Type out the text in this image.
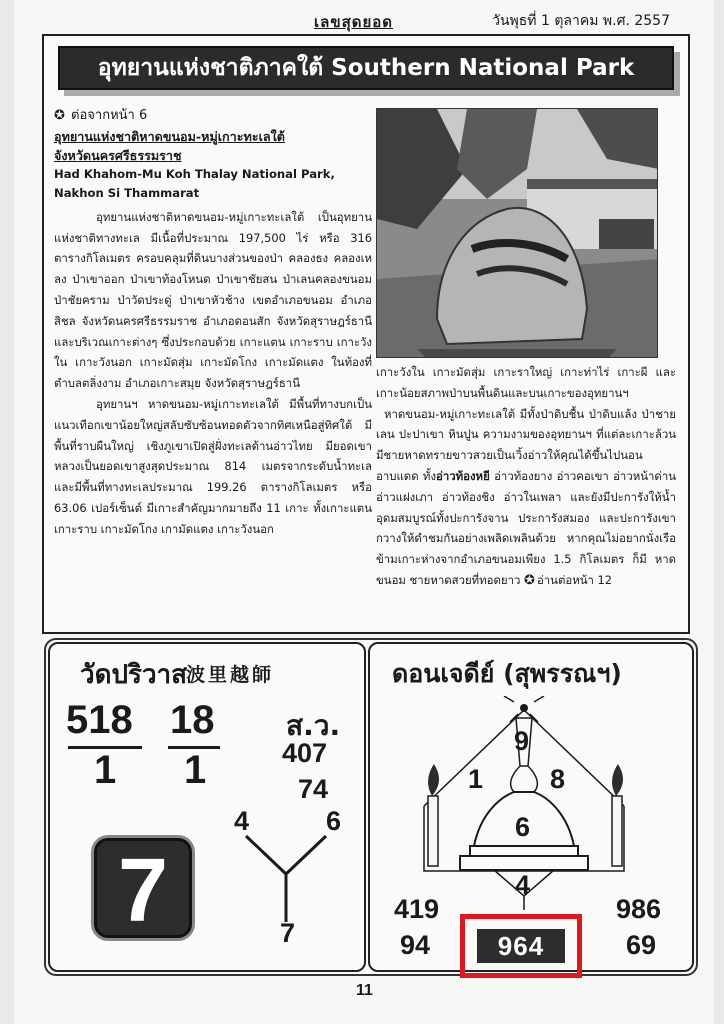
เลขสุดยอด	วันพุธที่ 1 ตุลาคม พ.ศ. 2557
อุทยานแห่งชาติภาคใต้ Southern National Park
✪ ต่อจากหน้า 6
อุทยานแห่งชาติหาดขนอม-หมู่เกาะทะเลใต้
จังหวัดนครศรีธรรมราช
Had Khahom-Mu Koh Thalay National Park,
Nakhon Si Thammarat

อุทยานแห่งชาติหาดขนอม-หมู่เกาะทะเลใต้ เป็นอุทยานแห่งชาติทางทะเล มีเนื้อที่ประมาณ 197,500 ไร่ หรือ 316 ตารางกิโลเมตร ครอบคลุมที่ดินบางส่วนของป่า คลองธง คลองเหลง ป่าเขาออก ป่าเขาท้องโหนด ป่าเขาชัยสน ป่าเลนคลองขนอม ป่าชัยคราม ป่าวัดประดู่ ป่าเขาหัวช้าง เขตอำเภอขนอม อำเภอสิชล จังหวัดนครศรีธรรมราช อำเภอดอนสัก จังหวัดสุราษฎร์ธานี และบริเวณเกาะต่างๆ ซึ่งประกอบด้วย เกาะแตน เกาะราบ เกาะวังใน เกาะวังนอก เกาะมัดสุ่ม เกาะมัดโกง เกาะมัดแตง ในท้องที่ตำบลตลิ่งงาม อำเภอเกาะสมุย จังหวัดสุราษฎร์ธานี

อุทยานฯ หาดขนอม-หมู่เกาะทะเลใต้ มีพื้นที่ทางบกเป็นแนวเทือกเขาน้อยใหญ่สลับซับซ้อนทอดตัวจากทิศเหนือสู่ทิศใต้ มีพื้นที่ราบผืนใหญ่ เชิงภูเขาเปิดสู่ฝั่งทะเลด้านอ่าวไทย มียอดเขาหลวงเป็นยอดเขาสูงสุดประมาณ 814 เมตรจากระดับน้ำทะเล และมีพื้นที่ทางทะเลประมาณ 199.26 ตารางกิโลเมตร หรือ 63.06 เปอร์เซ็นต์ มีเกาะสำคัญมากมายถึง 11 เกาะ ทั้งเกาะแตน เกาะราบ เกาะมัดโกง เกามัดแตง เกาะวังนอก

เกาะวังใน เกาะมัดสุ่ม เกาะราใหญ่ เกาะท่าไร่ เกาะผี และเกาะน้อยสภาพป่าบนพื้นดินและบนเกาะของอุทยานฯ

หาดขนอม-หมู่เกาะทะเลใต้ มีทั้งป่าดิบชื้น ป่าดิบแล้ง ป่าชายเลน ปะปาเขา หินปูน ความงามของอุทยานฯ ที่แต่ละเกาะล้วนมีชายหาดทรายขาวสวยเป็นเวิ้งอ่าวให้คุณได้ขึ้นไปนอนอาบแดด ทั้งอ่าวท้องหยี อ่าวท้องยาง อ่าวคอเขา อ่าวหน้าด่าน อ่าวแฝงเภา อ่าวท้องชิง อ่าวในเพลา และยังมีปะการังให้น้ำอุดมสมบูรณ์ทั้งปะการังจาน ประการังสมอง และปะการังเขากวางให้ดำชมกันอย่างเพลิดเพลินด้วย หากคุณไม่อยากนั่งเรือข้ามเกาะห่างจากอำเภอขนอมเพียง 1.5 กิโลเมตร ก็มี หาดขนอม ชายหาดสวยที่ทอดยาว ✪ อ่านต่อหน้า 12

วัดปริวาส
波里越師
518
1
18
1
ส.ว.
407
74
4	6
7
7
ดอนเจดีย์ (สุพรรณฯ)
9
1 8
6
4
419
94
986
69
964
11
